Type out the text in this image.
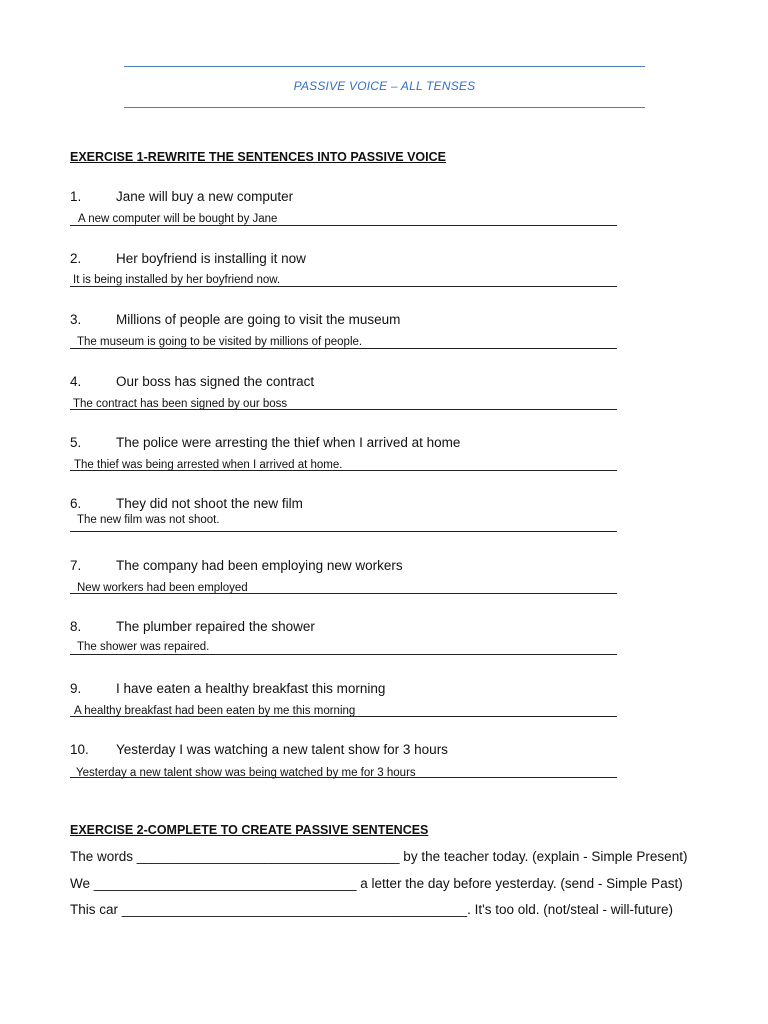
PASSIVE VOICE – ALL TENSES
EXERCISE 1-REWRITE THE SENTENCES INTO PASSIVE VOICE
1.	Jane will buy a new computer
A new computer will be bought by Jane
2.	Her boyfriend is installing it now
It is being installed by her boyfriend now.
3.	Millions of people are going to visit the museum
The museum is going to be visited by millions of people.
4.	Our boss has signed the contract
The contract has been signed by our boss
5.	The police were arresting the thief when I arrived at home
The thief was being arrested when I arrived at home.
6.	They did not shoot the new film
The new film was not shoot.
7.	The company had been employing new workers
New workers had been employed
8.	The plumber repaired the shower
The shower was repaired.
9.	I have eaten a healthy breakfast this morning
A healthy breakfast had been eaten by me this morning
10. Yesterday I was watching a new talent show for 3 hours
Yesterday a new talent show was being watched by me for 3 hours
EXERCISE 2-COMPLETE TO CREATE PASSIVE SENTENCES
The words ___________________________________ by the teacher today. (explain - Simple Present)
We ___________________________________ a letter the day before yesterday. (send - Simple Past)
This car ______________________________________________. It's too old. (not/steal - will-future)
